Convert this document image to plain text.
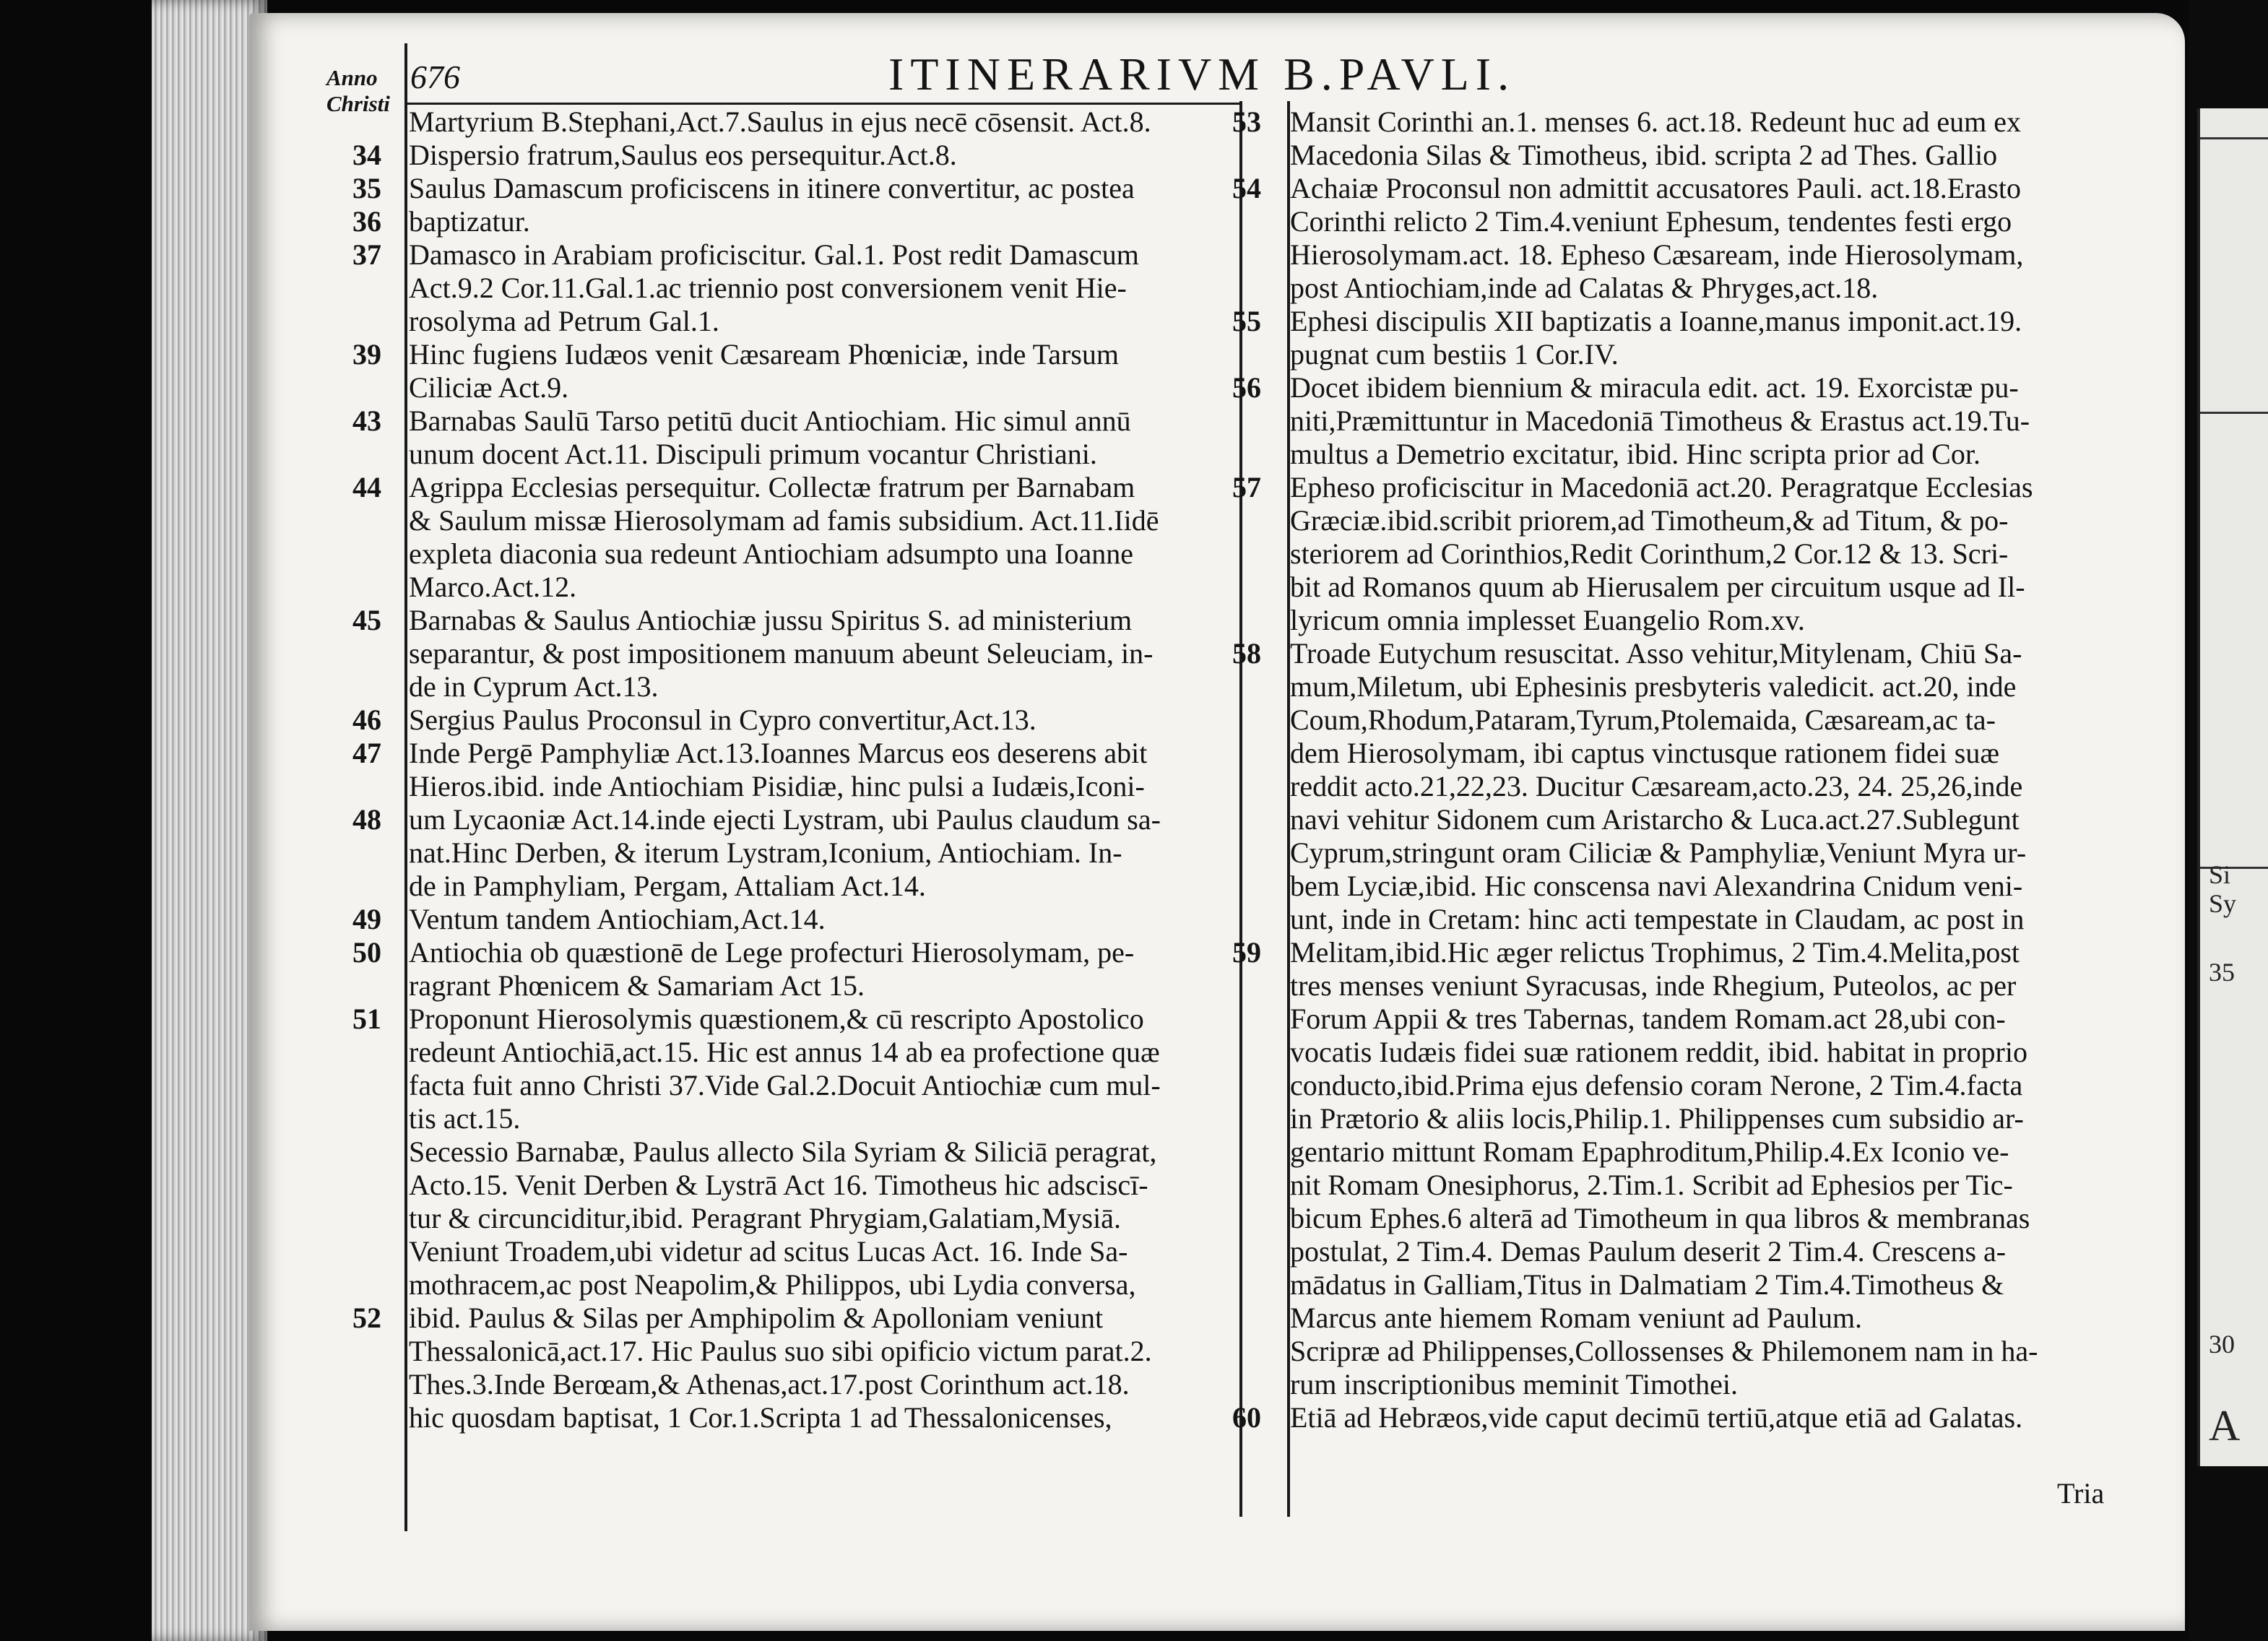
Si
Sy
35
30
A
Anno
Christi
676	ITINERARIVM B.PAVLI.
Martyrium B.Stephani,Act.7.Saulus in ejus necē cōsensit. Act.8.
34 Dispersio fratrum,Saulus eos persequitur.Act.8.
35 Saulus Damascum proficiscens in itinere convertitur, ac postea
36 baptizatur.
37 Damasco in Arabiam proficiscitur. Gal.1. Post redit Damascum
Act.9.2 Cor.11.Gal.1.ac triennio post conversionem venit Hie-
rosolyma ad Petrum Gal.1.
39 Hinc fugiens Iudæos venit Cæsaream Phœniciæ, inde Tarsum
Ciliciæ Act.9.
43 Barnabas Saulū Tarso petitū ducit Antiochiam. Hic simul annū
unum docent Act.11. Discipuli primum vocantur Christiani.
44 Agrippa Ecclesias persequitur. Collectæ fratrum per Barnabam
& Saulum missæ Hierosolymam ad famis subsidium. Act.11.Iidē
expleta diaconia sua redeunt Antiochiam adsumpto una Ioanne
Marco.Act.12.
45 Barnabas & Saulus Antiochiæ jussu Spiritus S. ad ministerium
separantur, & post impositionem manuum abeunt Seleuciam, in-
de in Cyprum Act.13.
46 Sergius Paulus Proconsul in Cypro convertitur,Act.13.
47 Inde Pergē Pamphyliæ Act.13.Ioannes Marcus eos deserens abit
Hieros.ibid. inde Antiochiam Pisidiæ, hinc pulsi a Iudæis,Iconi-
48 um Lycaoniæ Act.14.inde ejecti Lystram, ubi Paulus claudum sa-
nat.Hinc Derben, & iterum Lystram,Iconium, Antiochiam. In-
de in Pamphyliam, Pergam, Attaliam Act.14.
49 Ventum tandem Antiochiam,Act.14.
50 Antiochia ob quæstionē de Lege profecturi Hierosolymam, pe-
ragrant Phœnicem & Samariam Act 15.
51 Proponunt Hierosolymis quæstionem,& cū rescripto Apostolico
redeunt Antiochiā,act.15. Hic est annus 14 ab ea profectione quæ
facta fuit anno Christi 37.Vide Gal.2.Docuit Antiochiæ cum mul-
tis act.15.
Secessio Barnabæ, Paulus allecto Sila Syriam & Siliciā peragrat,
Acto.15. Venit Derben & Lystrā Act 16. Timotheus hic adsciscī-
tur & circunciditur,ibid. Peragrant Phrygiam,Galatiam,Mysiā.
Veniunt Troadem,ubi videtur ad scitus Lucas Act. 16. Inde Sa-
mothracem,ac post Neapolim,& Philippos, ubi Lydia conversa,
52 ibid. Paulus & Silas per Amphipolim & Apolloniam veniunt
Thessalonicā,act.17. Hic Paulus suo sibi opificio victum parat.2.
Thes.3.Inde Berœam,& Athenas,act.17.post Corinthum act.18.
hic quosdam baptisat, 1 Cor.1.Scripta 1 ad Thessalonicenses,
53	Mansit Corinthi an.1. menses 6. act.18. Redeunt huc ad eum ex
Macedonia Silas & Timotheus, ibid. scripta 2 ad Thes. Gallio
54	Achaiæ Proconsul non admittit accusatores Pauli. act.18.Erasto
Corinthi relicto 2 Tim.4.veniunt Ephesum, tendentes festi ergo
Hierosolymam.act. 18. Epheso Cæsaream, inde Hierosolymam,
post Antiochiam,inde ad Calatas & Phryges,act.18.
55	Ephesi discipulis XII baptizatis a Ioanne,manus imponit.act.19.
pugnat cum bestiis 1 Cor.IV.
56	Docet ibidem biennium & miracula edit. act. 19. Exorcistæ pu-
niti,Præmittuntur in Macedoniā Timotheus & Erastus act.19.Tu-
multus a Demetrio excitatur, ibid. Hinc scripta prior ad Cor.
57	Epheso proficiscitur in Macedoniā act.20. Peragratque Ecclesias
Græciæ.ibid.scribit priorem,ad Timotheum,& ad Titum, & po-
steriorem ad Corinthios,Redit Corinthum,2 Cor.12 & 13. Scri-
bit ad Romanos quum ab Hierusalem per circuitum usque ad Il-
lyricum omnia implesset Euangelio Rom.xv.
58	Troade Eutychum resuscitat. Asso vehitur,Mitylenam, Chiū Sa-
mum,Miletum, ubi Ephesinis presbyteris valedicit. act.20, inde
Coum,Rhodum,Pataram,Tyrum,Ptolemaida, Cæsaream,ac ta-
dem Hierosolymam, ibi captus vinctusque rationem fidei suæ
reddit acto.21,22,23. Ducitur Cæsaream,acto.23, 24. 25,26,inde
navi vehitur Sidonem cum Aristarcho & Luca.act.27.Sublegunt
Cyprum,stringunt oram Ciliciæ & Pamphyliæ,Veniunt Myra ur-
bem Lyciæ,ibid. Hic conscensa navi Alexandrina Cnidum veni-
unt, inde in Cretam: hinc acti tempestate in Claudam, ac post in
59	Melitam,ibid.Hic æger relictus Trophimus, 2 Tim.4.Melita,post
tres menses veniunt Syracusas, inde Rhegium, Puteolos, ac per
Forum Appii & tres Tabernas, tandem Romam.act 28,ubi con-
vocatis Iudæis fidei suæ rationem reddit, ibid. habitat in proprio
conducto,ibid.Prima ejus defensio coram Nerone, 2 Tim.4.facta
in Prætorio & aliis locis,Philip.1. Philippenses cum subsidio ar-
gentario mittunt Romam Epaphroditum,Philip.4.Ex Iconio ve-
nit Romam Onesiphorus, 2.Tim.1. Scribit ad Ephesios per Tic-
bicum Ephes.6 alterā ad Timotheum in qua libros & membranas
postulat, 2 Tim.4. Demas Paulum deserit 2 Tim.4. Crescens a-
mādatus in Galliam,Titus in Dalmatiam 2 Tim.4.Timotheus &
Marcus ante hiemem Romam veniunt ad Paulum.
Scripræ ad Philippenses,Collossenses & Philemonem nam in ha-
rum inscriptionibus meminit Timothei.
60	Etiā ad Hebræos,vide caput decimū tertiū,atque etiā ad Galatas.
Tria
